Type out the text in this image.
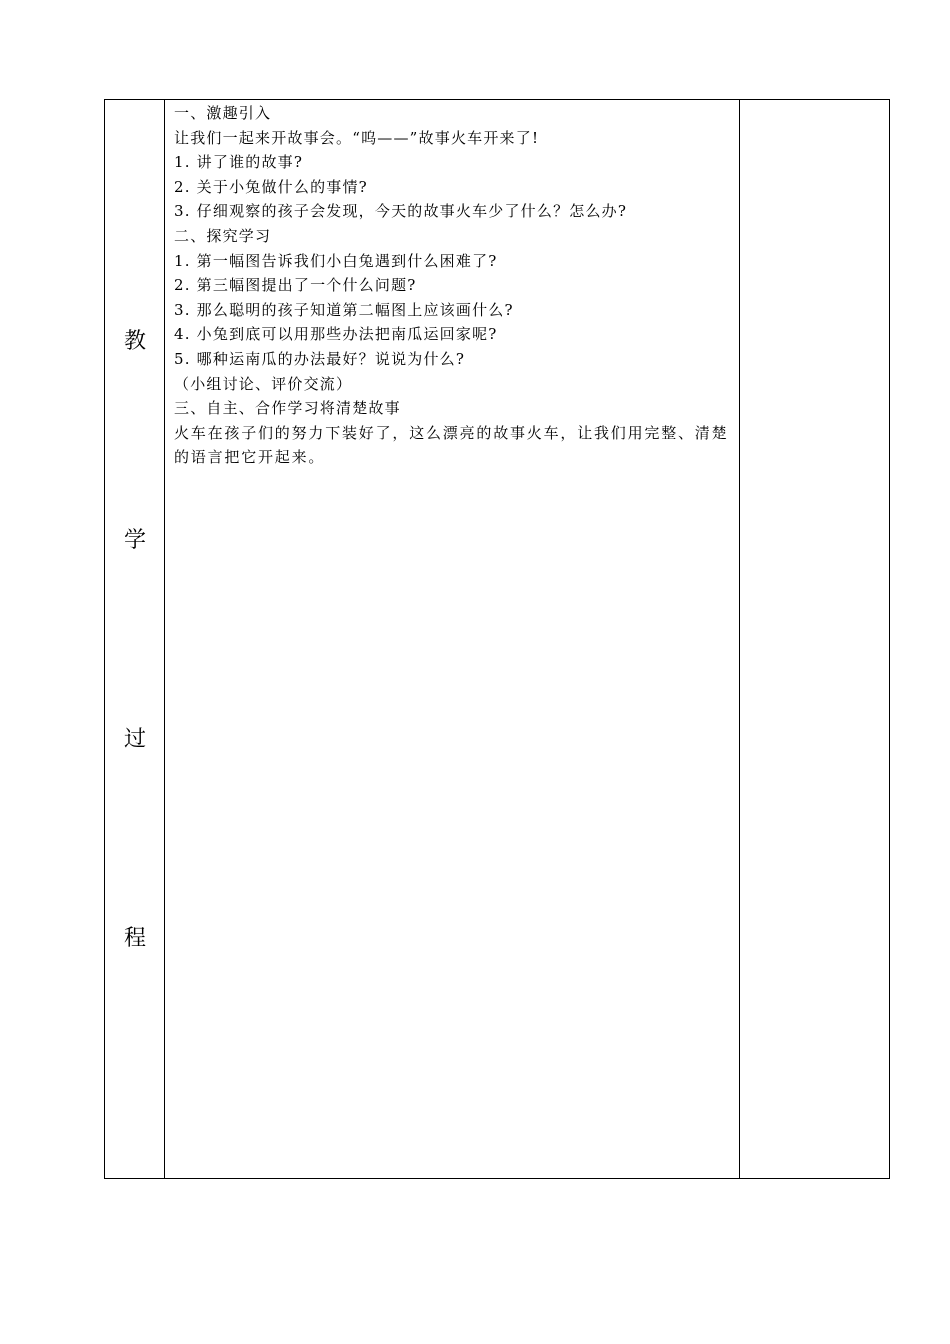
教
学
过
程
一、激趣引入
让我们一起来开故事会。“呜——”故事火车开来了!
1. 讲了谁的故事?
2. 关于小兔做什么的事情?
3. 仔细观察的孩子会发现，今天的故事火车少了什么？怎么办?
二、探究学习
1. 第一幅图告诉我们小白兔遇到什么困难了?
2. 第三幅图提出了一个什么问题?
3. 那么聪明的孩子知道第二幅图上应该画什么?
4. 小兔到底可以用那些办法把南瓜运回家呢?
5. 哪种运南瓜的办法最好？说说为什么?
（小组讨论、评价交流）
三、自主、合作学习将清楚故事
火车在孩子们的努力下装好了，这么漂亮的故事火车，让我们用完整、清楚的语言把它开起来。
